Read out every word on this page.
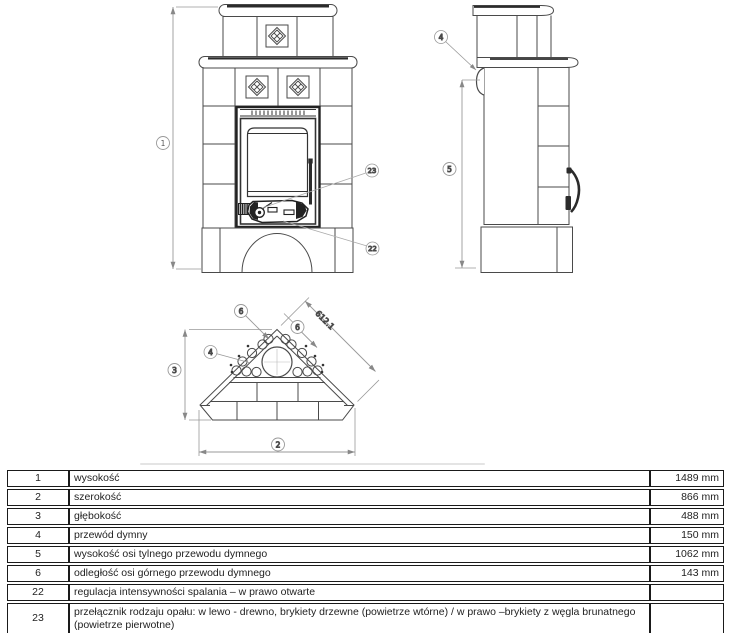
1
23
22
5
4
3
2
612.1
6
6
4
1	wysokość	1489 mm
2	szerokość	866 mm
3	głębokość	488 mm
4	przewód dymny	150 mm
5	wysokość osi tylnego przewodu dymnego	1062 mm
6	odległość osi górnego przewodu dymnego	143 mm
22	regulacja intensywności spalania – w prawo otwarte	
23	przełącznik rodzaju opału: w lewo - drewno, brykiety drzewne (powietrze wtórne) / w prawo –brykiety z węgla brunatnego (powietrze pierwotne)	
